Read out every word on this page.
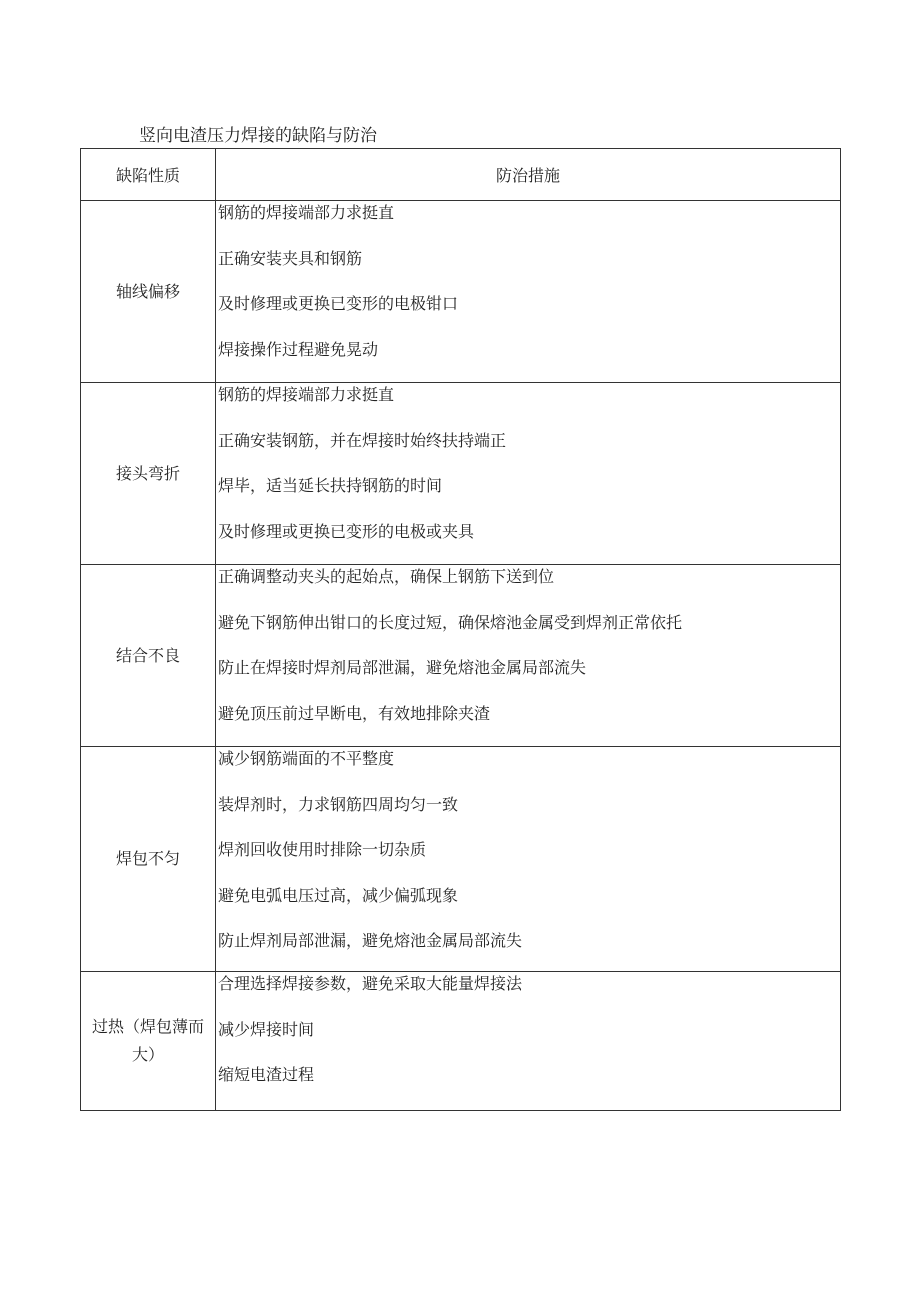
竖向电渣压力焊接的缺陷与防治
缺陷性质	防治措施
轴线偏移	钢筋的焊接端部力求挺直
正确安装夹具和钢筋
及时修理或更换已变形的电极钳口
焊接操作过程避免晃动

接头弯折	钢筋的焊接端部力求挺直
正确安装钢筋，并在焊接时始终扶持端正
焊毕，适当延长扶持钢筋的时间
及时修理或更换已变形的电极或夹具

结合不良	正确调整动夹头的起始点，确保上钢筋下送到位
避免下钢筋伸出钳口的长度过短，确保熔池金属受到焊剂正常依托
防止在焊接时焊剂局部泄漏，避免熔池金属局部流失
避免顶压前过早断电，有效地排除夹渣

焊包不匀	减少钢筋端面的不平整度
装焊剂时，力求钢筋四周均匀一致
焊剂回收使用时排除一切杂质
避免电弧电压过高，减少偏弧现象
防止焊剂局部泄漏，避免熔池金属局部流失

过热（焊包薄而大）	合理选择焊接参数，避免采取大能量焊接法
减少焊接时间
缩短电渣过程
